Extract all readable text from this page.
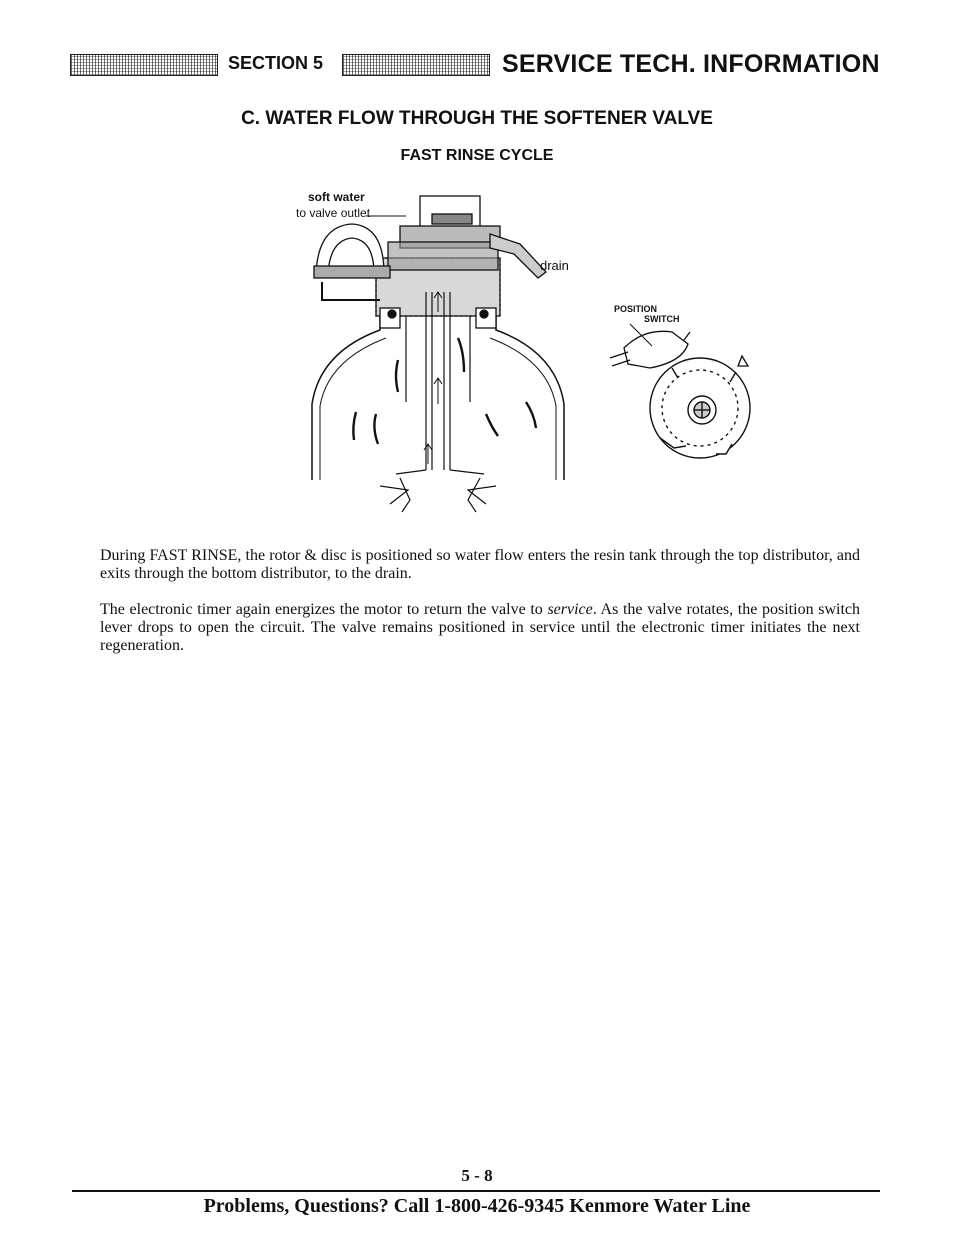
SECTION 5	SERVICE TECH. INFORMATION
C. WATER FLOW THROUGH THE SOFTENER VALVE
FAST RINSE CYCLE
soft water
to valve outlet
drain
POSITION
SWITCH

During FAST RINSE, the rotor & disc is positioned so water flow enters the resin tank through the top distributor, and exits through the bottom distributor, to the drain.

The electronic timer again energizes the motor to return the valve to service. As the valve rotates, the position switch lever drops to open the circuit. The valve remains positioned in service until the electronic timer initiates the next regeneration.

5 - 8
Problems, Questions? Call 1-800-426-9345 Kenmore Water Line
